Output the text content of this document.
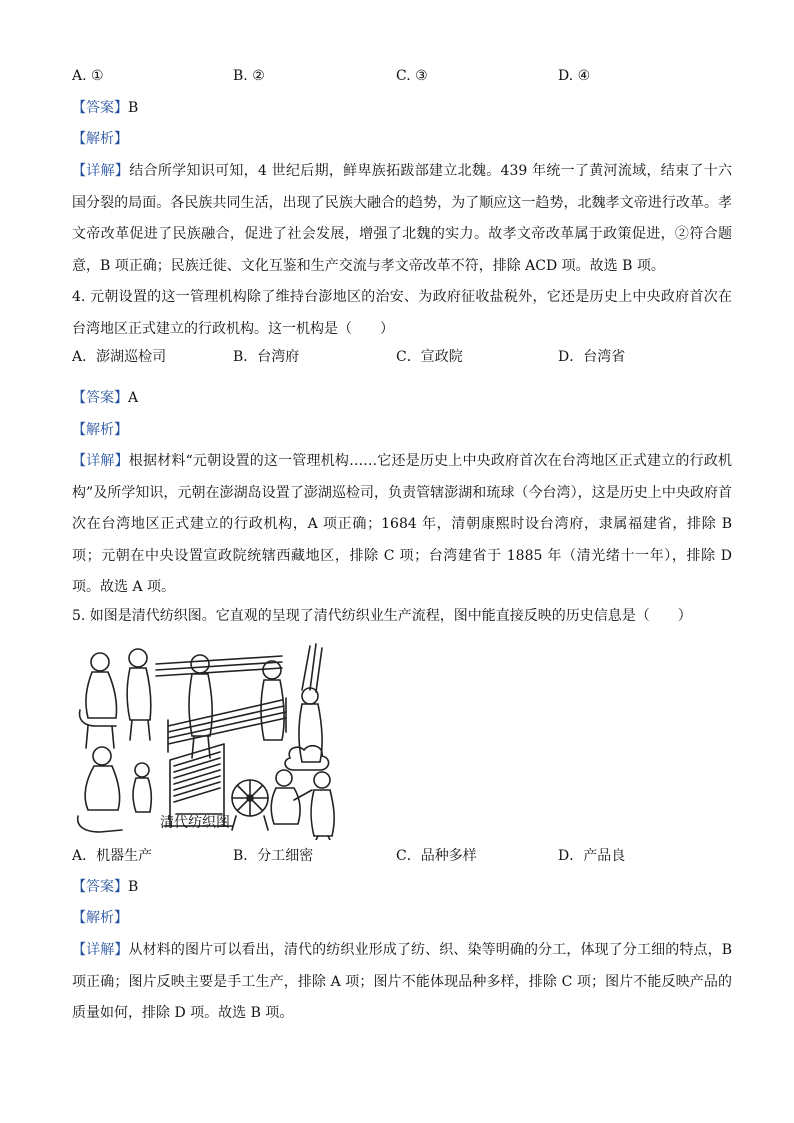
A. ①	B. ②	C. ③	D. ④
【答案】B
【解析】
【详解】结合所学知识可知，4 世纪后期，鲜卑族拓跋部建立北魏。439 年统一了黄河流域，结束了十六国分裂的局面。各民族共同生活，出现了民族大融合的趋势，为了顺应这一趋势，北魏孝文帝进行改革。孝文帝改革促进了民族融合，促进了社会发展，增强了北魏的实力。故孝文帝改革属于政策促进，②符合题意，B 项正确；民族迁徙、文化互鉴和生产交流与孝文帝改革不符，排除 ACD 项。故选 B 项。
4. 元朝设置的这一管理机构除了维持台澎地区的治安、为政府征收盐税外，它还是历史上中央政府首次在台湾地区正式建立的行政机构。这一机构是（　　）
A．澎湖巡检司	B．台湾府	C．宣政院	D．台湾省
【答案】A
【解析】
【详解】根据材料“元朝设置的这一管理机构……它还是历史上中央政府首次在台湾地区正式建立的行政机构”及所学知识，元朝在澎湖岛设置了澎湖巡检司，负责管辖澎湖和琉球（今台湾），这是历史上中央政府首次在台湾地区正式建立的行政机构，A 项正确；1684 年，清朝康熙时设台湾府，隶属福建省，排除 B 项；元朝在中央设置宣政院统辖西藏地区，排除 C 项；台湾建省于 1885 年（清光绪十一年），排除 D 项。故选 A 项。
5. 如图是清代纺织图。它直观的呈现了清代纺织业生产流程，图中能直接反映的历史信息是（　　）
清代纺织图
A．机器生产	B．分工细密	C．品种多样	D．产品良
【答案】B
【解析】
【详解】从材料的图片可以看出，清代的纺织业形成了纺、织、染等明确的分工，体现了分工细的特点，B 项正确；图片反映主要是手工生产，排除 A 项；图片不能体现品种多样，排除 C 项；图片不能反映产品的质量如何，排除 D 项。故选 B 项。
